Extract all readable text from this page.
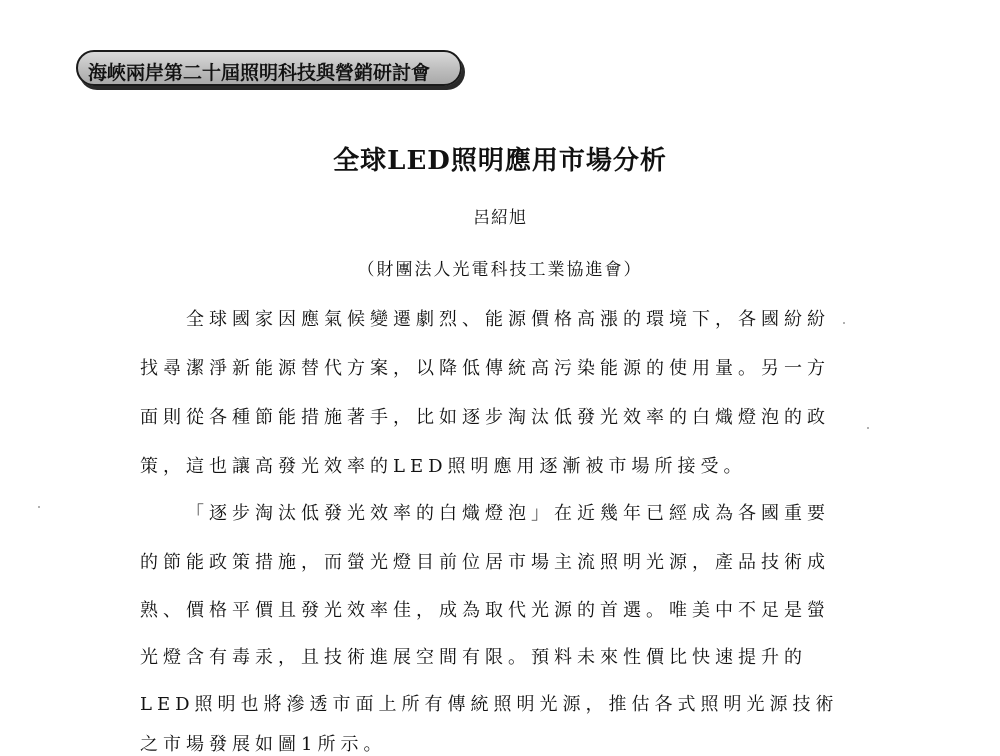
海峽兩岸第二十屆照明科技與營銷研討會
全球LED照明應用市場分析
呂紹旭
（財團法人光電科技工業協進會）
全球國家因應氣候變遷劇烈、能源價格高漲的環境下，各國紛紛
找尋潔淨新能源替代方案，以降低傳統高污染能源的使用量。另一方
面則從各種節能措施著手，比如逐步淘汰低發光效率的白熾燈泡的政
策，這也讓高發光效率的LED照明應用逐漸被市場所接受。
「逐步淘汰低發光效率的白熾燈泡」在近幾年已經成為各國重要
的節能政策措施，而螢光燈目前位居市場主流照明光源，產品技術成
熟、價格平價且發光效率佳，成為取代光源的首選。唯美中不足是螢
光燈含有毒汞，且技術進展空間有限。預料未來性價比快速提升的
LED照明也將滲透市面上所有傳統照明光源，推估各式照明光源技術
之市場發展如圖1所示。
